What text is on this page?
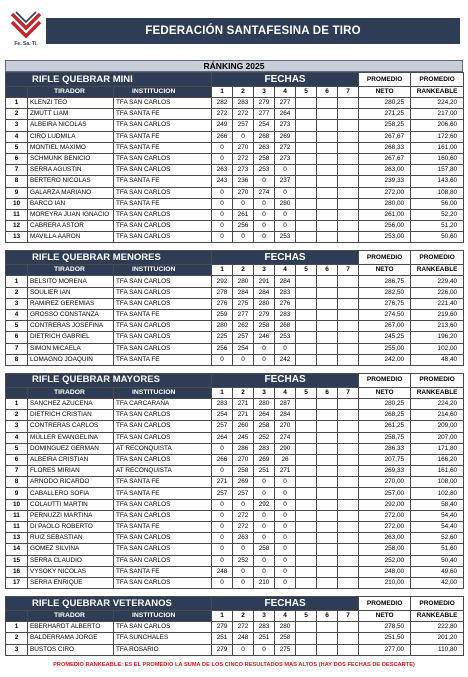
Fe. Sa. Ti.
FEDERACIÓN SANTAFESINA DE TIRO
RÁNKING 2025
RIFLE QUEBRAR MINI			FECHAS							PROMEDIO	PROMEDIO
	TIRADOR	INSTITUCION	1	2	3	4	5	6	7	NETO	RANKEABLE
1	KLENZI TEO	TFA SAN CARLOS	282	283	279	277				280,25	224,20
2	ZMUTT LIAM	TFA SANTA FE	272	272	277	264				271,25	217,00
3	ALBEIRA NICOLAS	TFA SAN CARLOS	249	257	254	273				258,25	206,60
4	CIRO LUDMILA	TFA SANTA FE	266	0	268	269				267,67	172,60
5	MONTIEL MAXIMO	TFA SANTA FE	0	270	263	272				268,33	161,00
6	SCHMUNK BENICIO	TFA SAN CARLOS	0	272	258	273				267,67	160,60
7	SERRA AGUSTIN	TFA SAN CARLOS	263	273	253	0				263,00	157,80
8	BERTERO NICOLAS	TFA SANTA FE	243	236	0	237				239,33	143,60
9	GALARZA MARIANO	TFA SAN CARLOS	0	270	274	0				272,00	108,80
10	BARCO IAN	TFA SANTA FE	0	0	0	280				280,00	56,00
11	MOREYRA JUAN IGNACIO	TFA SAN CARLOS	0	261	0	0				261,00	52,20
12	CABRERA ASTOR	TFA SAN CARLOS	0	256	0	0				256,00	51,20
13	MAVILLA AARON	TFA SAN CARLOS	0	0	0	253				253,00	50,60
RIFLE QUEBRAR MENORES			FECHAS							PROMEDIO	PROMEDIO
	TIRADOR	INSTITUCION	1	2	3	4	5	6	7	NETO	RANKEABLE
1	BELSITO MORENA	TFA SAN CARLOS	292	280	291	284				286,75	229,40
2	SOULIER IAN	TFA SAN CARLOS	278	284	284	283				282,50	226,00
3	RAMIREZ GEREMIAS	TFA SAN CARLOS	276	275	280	276				276,75	221,40
4	GROSSO CONSTANZA	TFA SANTA FE	259	277	279	283				274,50	219,60
5	CONTRERAS JOSEFINA	TFA SAN CARLOS	280	262	258	268				267,00	213,60
6	DIETRICH GABRIEL	TFA SAN CARLOS	225	257	246	253				245,25	196,20
7	SIMON MICAELA	TFA SAN CARLOS	256	254	0	0				255,00	102,00
8	LOMAGNO JOAQUIN	TFA SANTA FE	0	0	0	242				242,00	48,40
RIFLE QUEBRAR MAYORES			FECHAS							PROMEDIO	PROMEDIO
	TIRADOR	INSTITUCION	1	2	3	4	5	6	7	NETO	RANKEABLE
1	SANCHEZ AZUCENA	TFA CARCARAÑA	283	271	280	287				280,25	224,20
2	DIETRICH CRISTIAN	TFA SAN CARLOS	254	271	264	284				268,25	214,60
3	CONTRERAS CARLOS	TFA SAN CARLOS	257	260	258	270				261,25	209,00
4	MÜLLER EVANGELINA	TFA SAN CARLOS	264	245	252	274				258,75	207,00
5	DOMINGUEZ GERMAN	AT RECONQUISTA	0	286	283	290				286,33	171,80
6	ALBEIRA CRISTIAN	TFA SAN CARLOS	266	270	269	26				207,75	166,20
7	FLORES MIRIAN	AT RECONQUISTA	0	258	251	271				269,33	161,60
8	ARNODO RICARDO	TFA SANTA FE	271	269	0	0				270,00	108,00
9	CABALLERO SOFIA	TFA SANTA FE	257	257	0	0				257,00	102,80
10	COLAUTTI MARTIN	TFA SAN CARLOS	0	0	292	0				292,00	58,40
11	PERNUZZI MARTINA	TFA SAN CARLOS	0	272	0	0				272,00	54,40
11	DI PAOLO ROBERTO	TFA SANTA FE	0	272	0	0				272,00	54,40
13	RUIZ SEBASTIAN	TFA SAN CARLOS	0	263	0	0				263,00	52,60
14	GOMEZ SILVINA	TFA SAN CARLOS	0	0	258	0				258,00	51,60
15	SERRA CLAUDIO	TFA SAN CARLOS	0	252	0	0				252,00	50,40
16	VYSOKY NICOLAS	TFA SANTA FE	248	0	0	0				248,00	49,60
17	SERRA ENRIQUE	TFA SAN CARLOS	0	0	210	0				210,00	42,00
RIFLE QUEBRAR VETERANOS			FECHAS							PROMEDIO	PROMEDIO
	TIRADOR	INSTITUCION	1	2	3	4	5	6	7	NETO	RANKEABLE
1	EBERHARDT ALBERTO	TFA SAN CARLOS	279	272	283	280				278,50	222,80
2	BALDERRAMA JORGE	TFA SUNCHALES	251	248	251	258				251,50	201,20
3	BUSTOS CIRO	TFA ROSARIO	279	0	0	275				277,00	110,80
PROMEDIO RANKEABLE: ES EL PROMEDIO LA SUMA DE LOS CINCO RESULTADOS MAS ALTOS (HAY DOS FECHAS DE DESCARTE)
